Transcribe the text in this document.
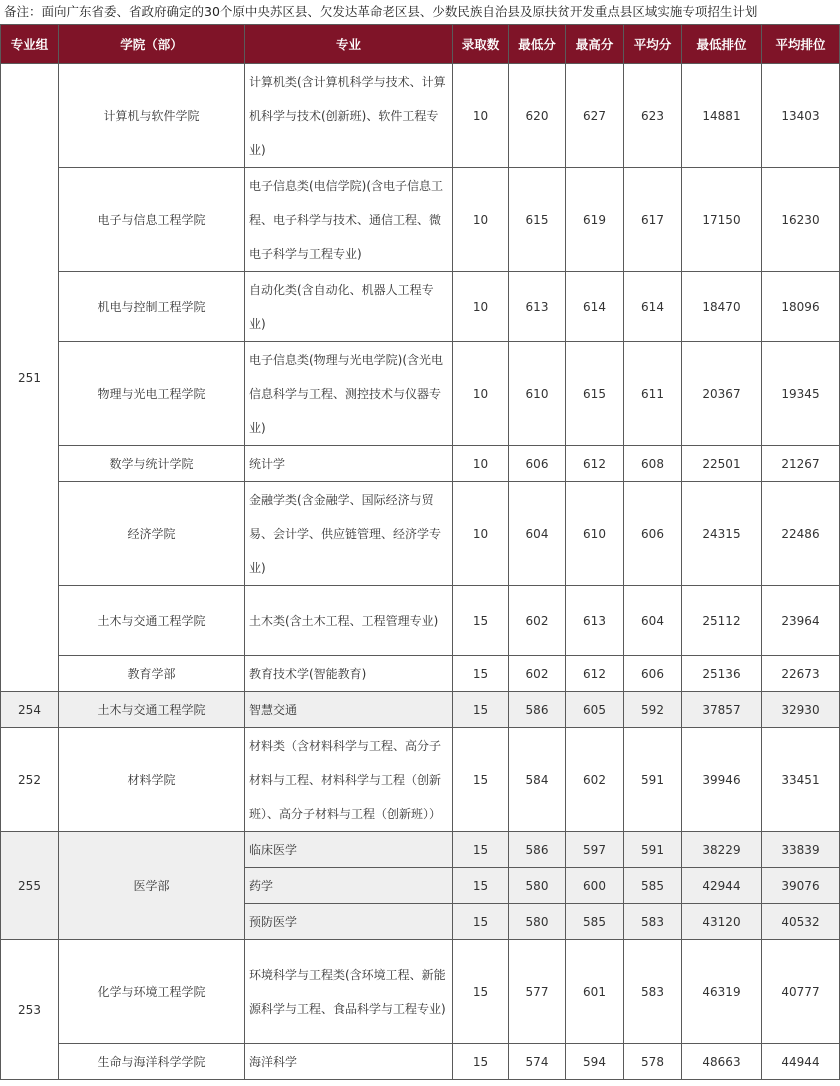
备注：面向广东省委、省政府确定的30个原中央苏区县、欠发达革命老区县、少数民族自治县及原扶贫开发重点县区域实施专项招生计划
专业组	学院（部）	专业	录取数	最低分	最高分	平均分	最低排位	平均排位
251	计算机与软件学院	计算机类(含计算机科学与技术、计算机科学与技术(创新班)、软件工程专业)	10	620	627	623	14881	13403
	电子与信息工程学院	电子信息类(电信学院)(含电子信息工程、电子科学与技术、通信工程、微电子科学与工程专业)	10	615	619	617	17150	16230
	机电与控制工程学院	自动化类(含自动化、机器人工程专业)	10	613	614	614	18470	18096
	物理与光电工程学院	电子信息类(物理与光电学院)(含光电信息科学与工程、测控技术与仪器专业)	10	610	615	611	20367	19345
	数学与统计学院	统计学	10	606	612	608	22501	21267
	经济学院	金融学类(含金融学、国际经济与贸易、会计学、供应链管理、经济学专业)	10	604	610	606	24315	22486
	土木与交通工程学院	土木类(含土木工程、工程管理专业)	15	602	613	604	25112	23964
	教育学部	教育技术学(智能教育)	15	602	612	606	25136	22673
254	土木与交通工程学院	智慧交通	15	586	605	592	37857	32930
252	材料学院	材料类（含材料科学与工程、高分子材料与工程、材料科学与工程（创新班）、高分子材料与工程（创新班））	15	584	602	591	39946	33451
255	医学部	临床医学	15	586	597	591	38229	33839
		药学	15	580	600	585	42944	39076
		预防医学	15	580	585	583	43120	40532
253	化学与环境工程学院	环境科学与工程类(含环境工程、新能源科学与工程、食品科学与工程专业)	15	577	601	583	46319	40777
	生命与海洋科学学院	海洋科学	15	574	594	578	48663	44944
